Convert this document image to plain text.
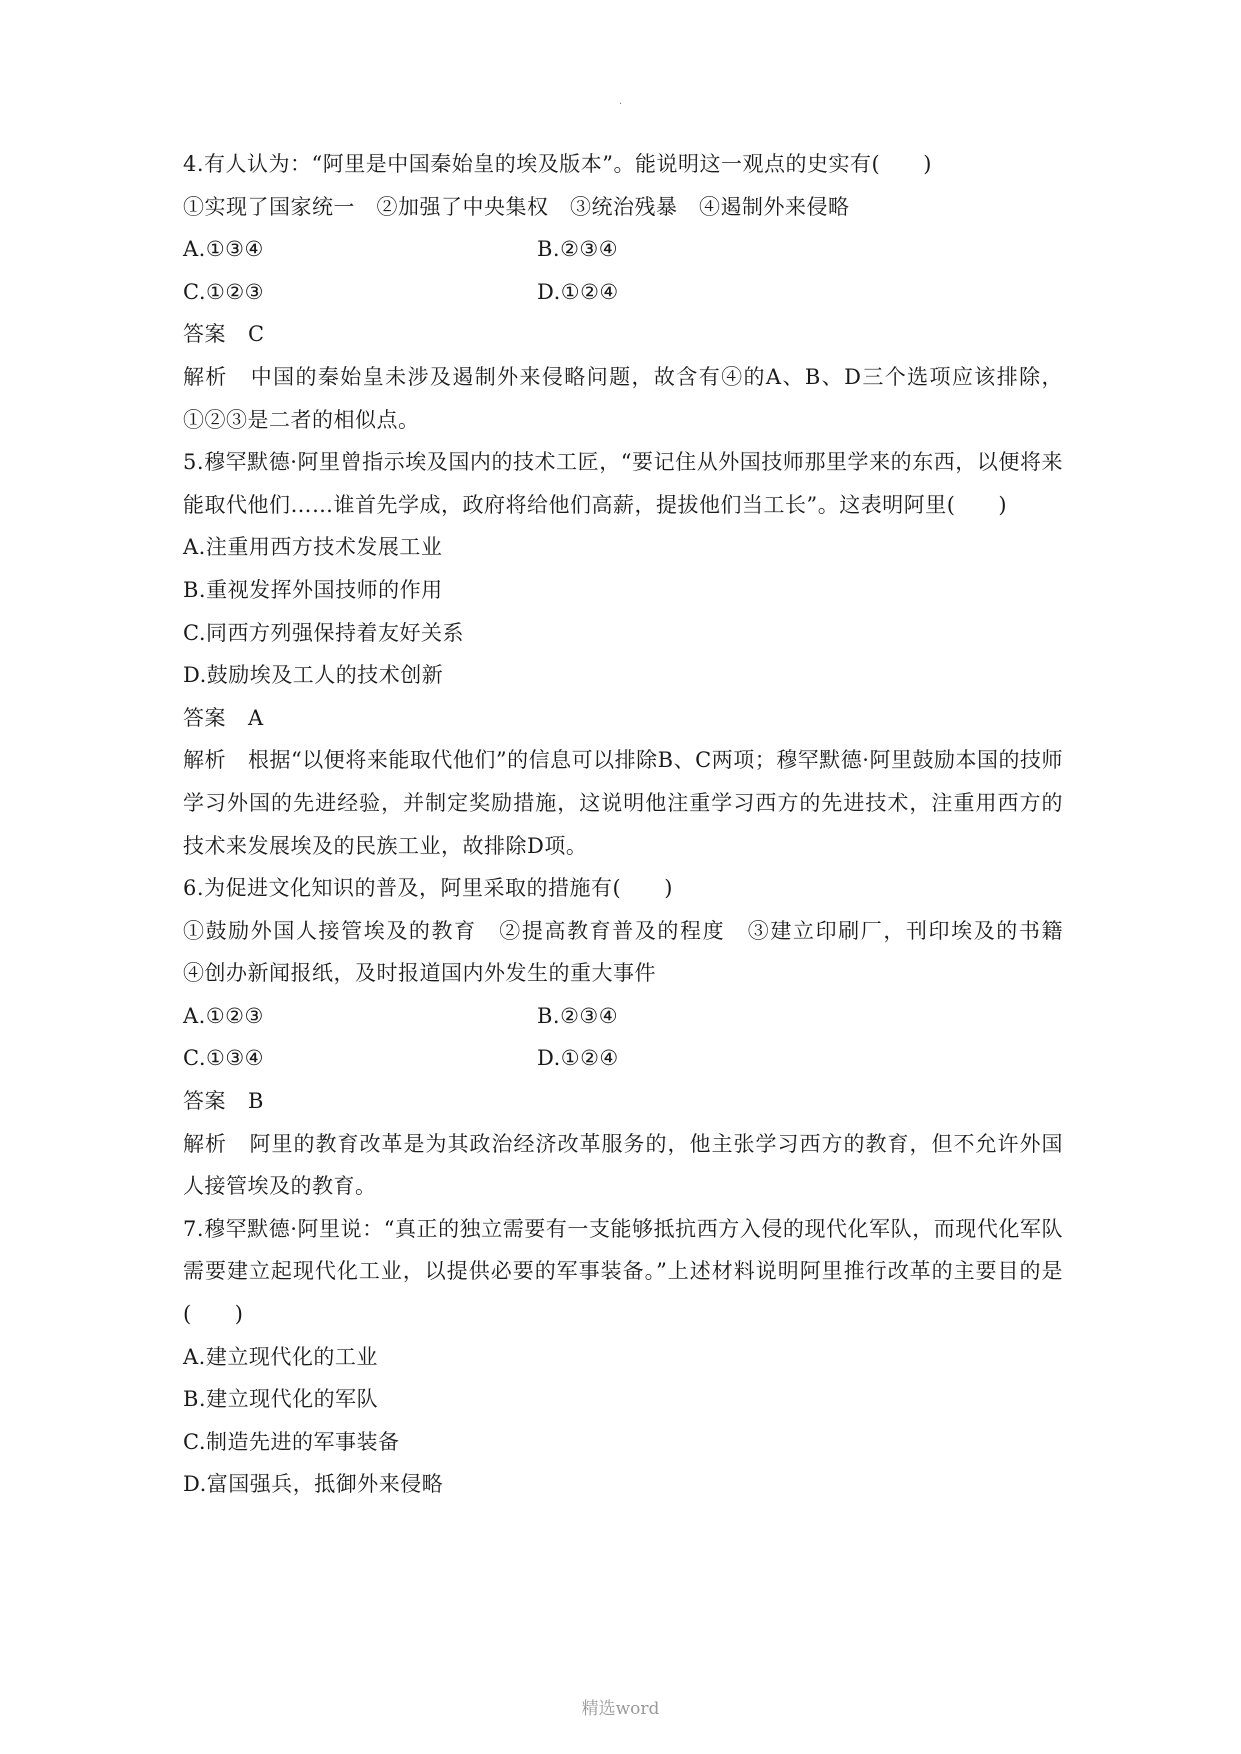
·
4.有人认为：“阿里是中国秦始皇的埃及版本”。能说明这一观点的史实有(　　)
①实现了国家统一　②加强了中央集权　③统治残暴　④遏制外来侵略
A.①③④	B.②③④
C.①②③	D.①②④
答案 C
解析 中国的秦始皇未涉及遏制外来侵略问题，故含有④的A、B、D三个选项应该排除，①②③是二者的相似点。
5.穆罕默德·阿里曾指示埃及国内的技术工匠，“要记住从外国技师那里学来的东西，以便将来能取代他们……谁首先学成，政府将给他们高薪，提拔他们当工长”。这表明阿里(　　)
A.注重用西方技术发展工业
B.重视发挥外国技师的作用
C.同西方列强保持着友好关系
D.鼓励埃及工人的技术创新
答案 A
解析 根据“以便将来能取代他们”的信息可以排除B、C两项；穆罕默德·阿里鼓励本国的技师学习外国的先进经验，并制定奖励措施，这说明他注重学习西方的先进技术，注重用西方的技术来发展埃及的民族工业，故排除D项。
6.为促进文化知识的普及，阿里采取的措施有(　　)
①鼓励外国人接管埃及的教育　②提高教育普及的程度　③建立印刷厂，刊印埃及的书籍　④创办新闻报纸，及时报道国内外发生的重大事件
A.①②③	B.②③④
C.①③④	D.①②④
答案 B
解析 阿里的教育改革是为其政治经济改革服务的，他主张学习西方的教育，但不允许外国人接管埃及的教育。
7.穆罕默德·阿里说：“真正的独立需要有一支能够抵抗西方入侵的现代化军队，而现代化军队需要建立起现代化工业，以提供必要的军事装备。”上述材料说明阿里推行改革的主要目的是(　　)
A.建立现代化的工业
B.建立现代化的军队
C.制造先进的军事装备
D.富国强兵，抵御外来侵略
精选word
